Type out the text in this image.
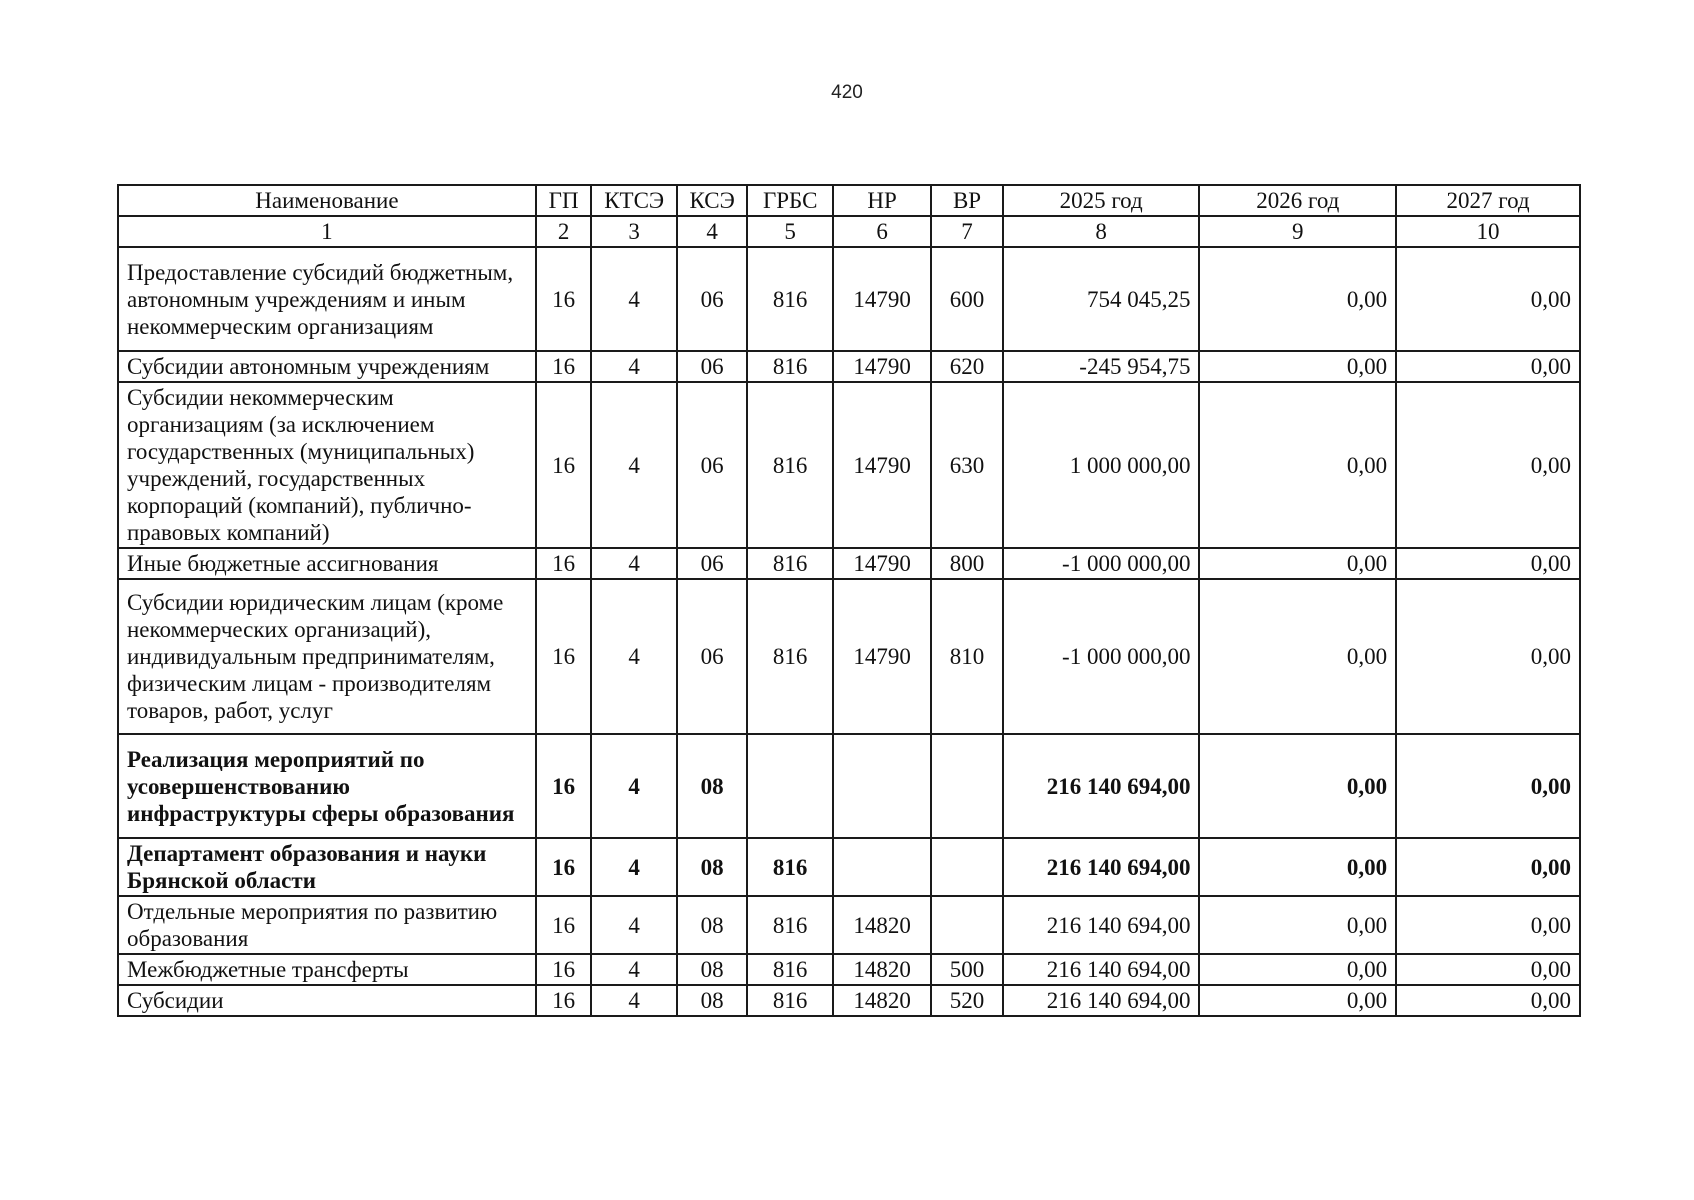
420
Наименование	ГП	КТСЭ	КСЭ	ГРБС	НР	ВР	2025 год	2026 год	2027 год
1	2	3	4	5	6	7	8	9	10
Предоставление субсидий бюджетным, автономным учреждениям и иным некоммерческим организациям	16	4	06	816	14790	600	754 045,25	0,00	0,00
Субсидии автономным учреждениям	16	4	06	816	14790	620	-245 954,75	0,00	0,00
Субсидии некоммерческим организациям (за исключением государственных (муниципальных) учреждений, государственных корпораций (компаний), публично-правовых компаний)	16	4	06	816	14790	630	1 000 000,00	0,00	0,00
Иные бюджетные ассигнования	16	4	06	816	14790	800	-1 000 000,00	0,00	0,00
Субсидии юридическим лицам (кроме некоммерческих организаций), индивидуальным предпринимателям, физическим лицам - производителям товаров, работ, услуг	16	4	06	816	14790	810	-1 000 000,00	0,00	0,00
Реализация мероприятий по усовершенствованию инфраструктуры сферы образования	16	4	08				216 140 694,00	0,00	0,00
Департамент образования и науки Брянской области	16	4	08	816			216 140 694,00	0,00	0,00
Отдельные мероприятия по развитию образования	16	4	08	816	14820		216 140 694,00	0,00	0,00
Межбюджетные трансферты	16	4	08	816	14820	500	216 140 694,00	0,00	0,00
Субсидии	16	4	08	816	14820	520	216 140 694,00	0,00	0,00
